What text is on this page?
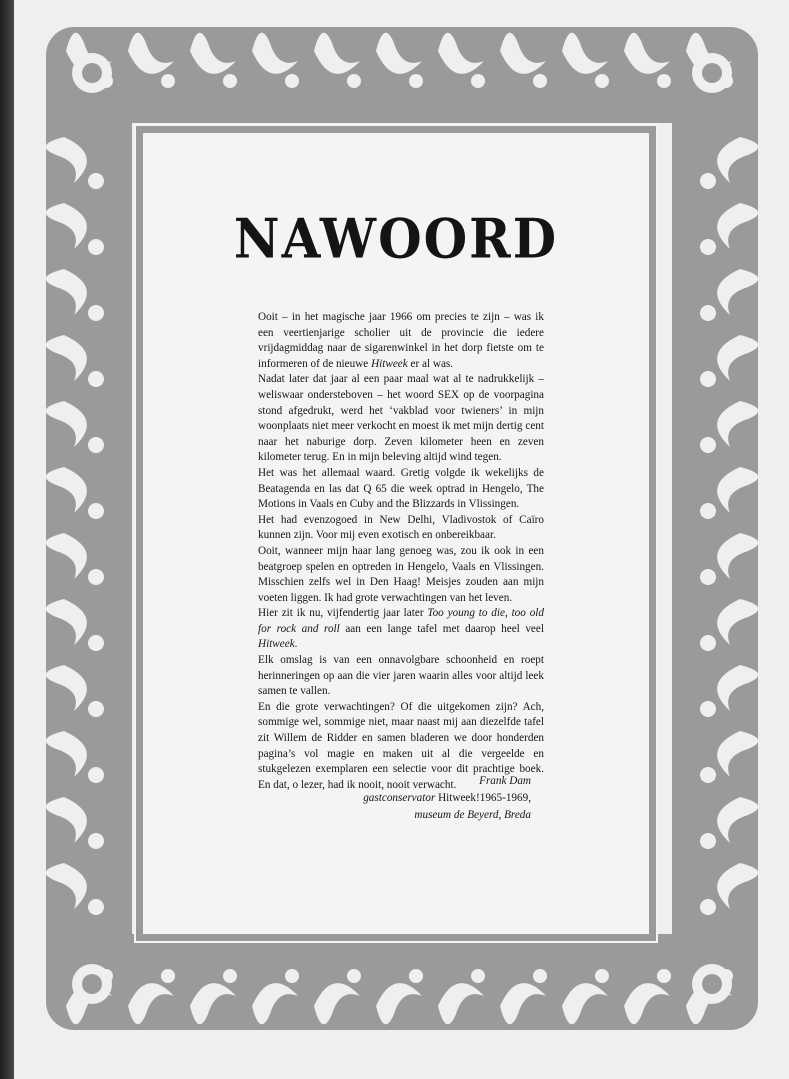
NAWOORD

Ooit – in het magische jaar 1966 om precies te zijn – was ik een veertienjarige scholier uit de provincie die iedere vrijdagmiddag naar de sigarenwinkel in het dorp fietste om te informeren of de nieuwe Hitweek er al was.

Nadat later dat jaar al een paar maal wat al te nadrukkelijk – weliswaar ondersteboven – het woord SEX op de voorpagina stond afgedrukt, werd het ‘vakblad voor twieners’ in mijn woonplaats niet meer verkocht en moest ik met mijn dertig cent naar het naburige dorp. Zeven kilometer heen en zeven kilometer terug. En in mijn beleving altijd wind tegen.

Het was het allemaal waard. Gretig volgde ik wekelijks de Beatagenda en las dat Q 65 die week optrad in Hengelo, The Motions in Vaals en Cuby and the Blizzards in Vlissingen.

Het had evenzogoed in New Delhi, Vladivostok of Caïro kunnen zijn. Voor mij even exotisch en onbereikbaar.

Ooit, wanneer mijn haar lang genoeg was, zou ik ook in een beatgroep spelen en optreden in Hengelo, Vaals en Vlissingen. Misschien zelfs wel in Den Haag! Meisjes zouden aan mijn voeten liggen. Ik had grote verwachtingen van het leven.

Hier zit ik nu, vijfendertig jaar later Too young to die, too old for rock and roll aan een lange tafel met daarop heel veel Hitweek.

Elk omslag is van een onnavolgbare schoonheid en roept herinneringen op aan die vier jaren waarin alles voor altijd leek samen te vallen.

En die grote verwachtingen? Of die uitgekomen zijn? Ach, sommige wel, sommige niet, maar naast mij aan diezelfde tafel zit Willem de Ridder en samen bladeren we door honderden pagina’s vol magie en maken uit al die vergeelde en stukgelezen exemplaren een selectie voor dit prachtige boek. En dat, o lezer, had ik nooit, nooit verwacht.	Frank Dam
gastconservator Hitweek!1965-1969,
museum de Beyerd, Breda
